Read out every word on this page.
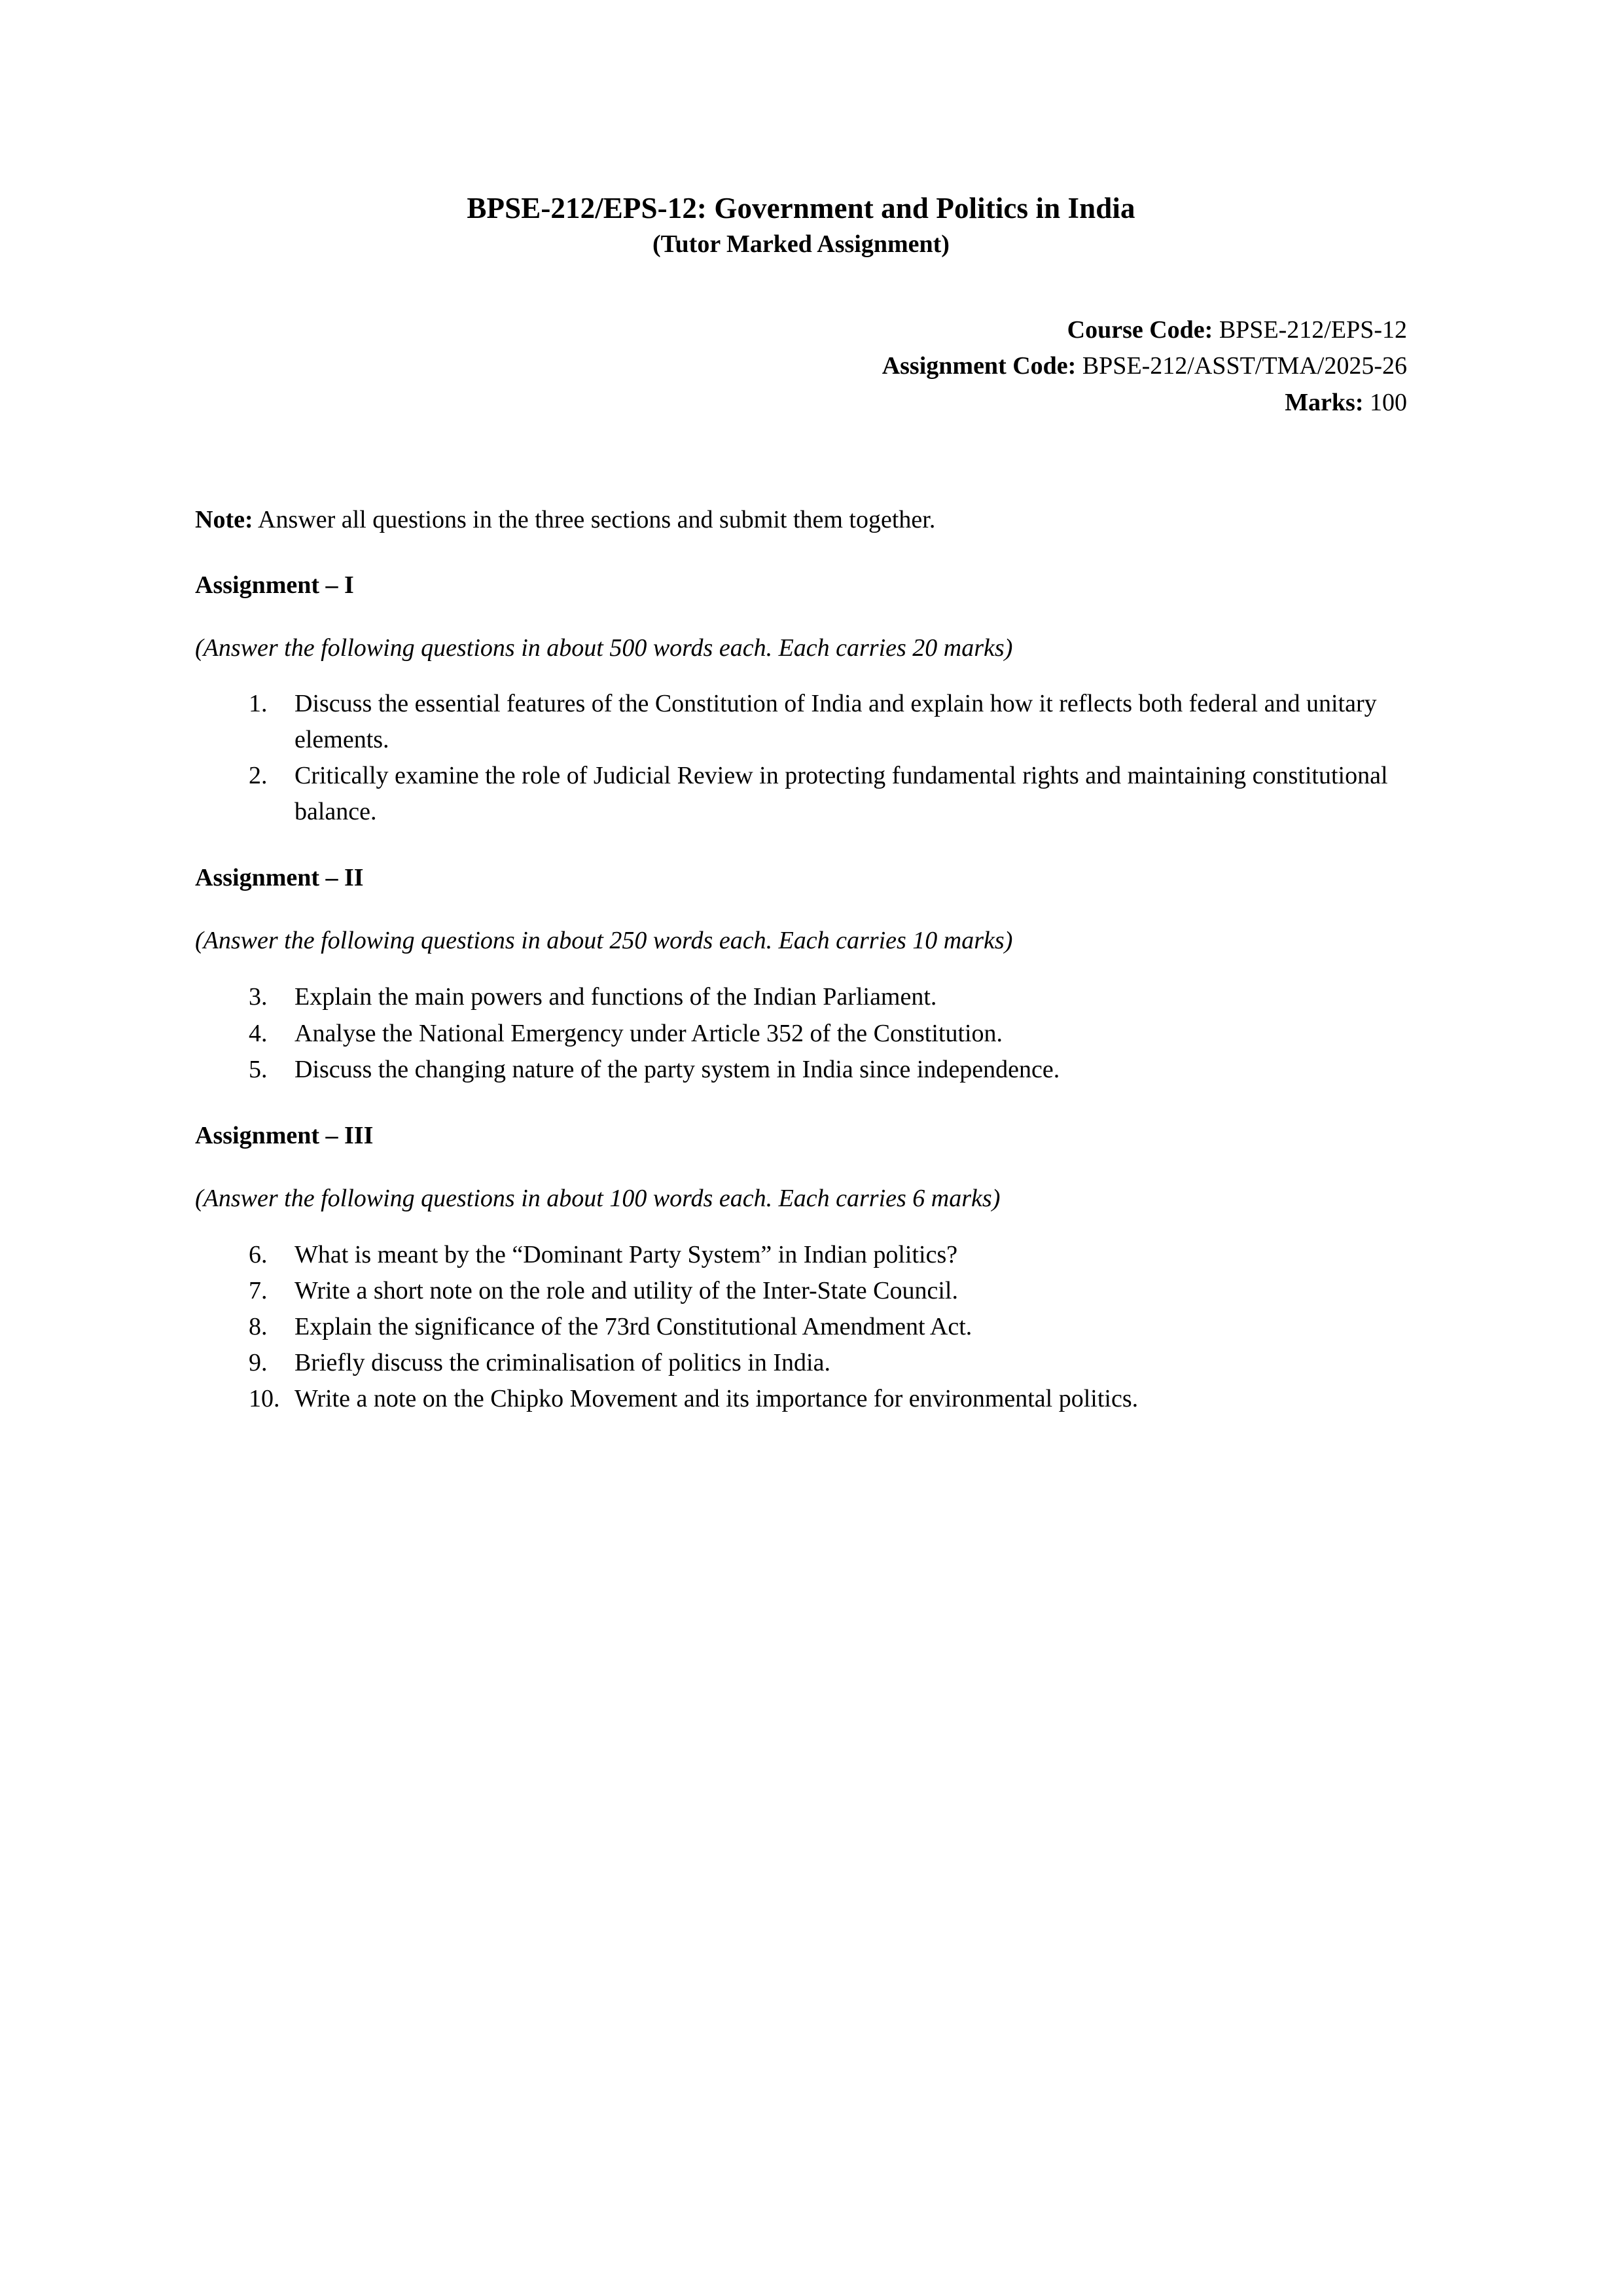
BPSE-212/EPS-12: Government and Politics in India
(Tutor Marked Assignment)
Course Code: BPSE-212/EPS-12
Assignment Code: BPSE-212/ASST/TMA/2025-26
Marks: 100
Note: Answer all questions in the three sections and submit them together.
Assignment – I
(Answer the following questions in about 500 words each. Each carries 20 marks)
1.	Discuss the essential features of the Constitution of India and explain how it reflects both federal and unitary elements.
2.	Critically examine the role of Judicial Review in protecting fundamental rights and maintaining constitutional balance.
Assignment – II
(Answer the following questions in about 250 words each. Each carries 10 marks)
3.	Explain the main powers and functions of the Indian Parliament.
4.	Analyse the National Emergency under Article 352 of the Constitution.
5.	Discuss the changing nature of the party system in India since independence.
Assignment – III
(Answer the following questions in about 100 words each. Each carries 6 marks)
6.	What is meant by the “Dominant Party System” in Indian politics?
7.	Write a short note on the role and utility of the Inter-State Council.
8.	Explain the significance of the 73rd Constitutional Amendment Act.
9.	Briefly discuss the criminalisation of politics in India.
10. Write a note on the Chipko Movement and its importance for environmental politics.
